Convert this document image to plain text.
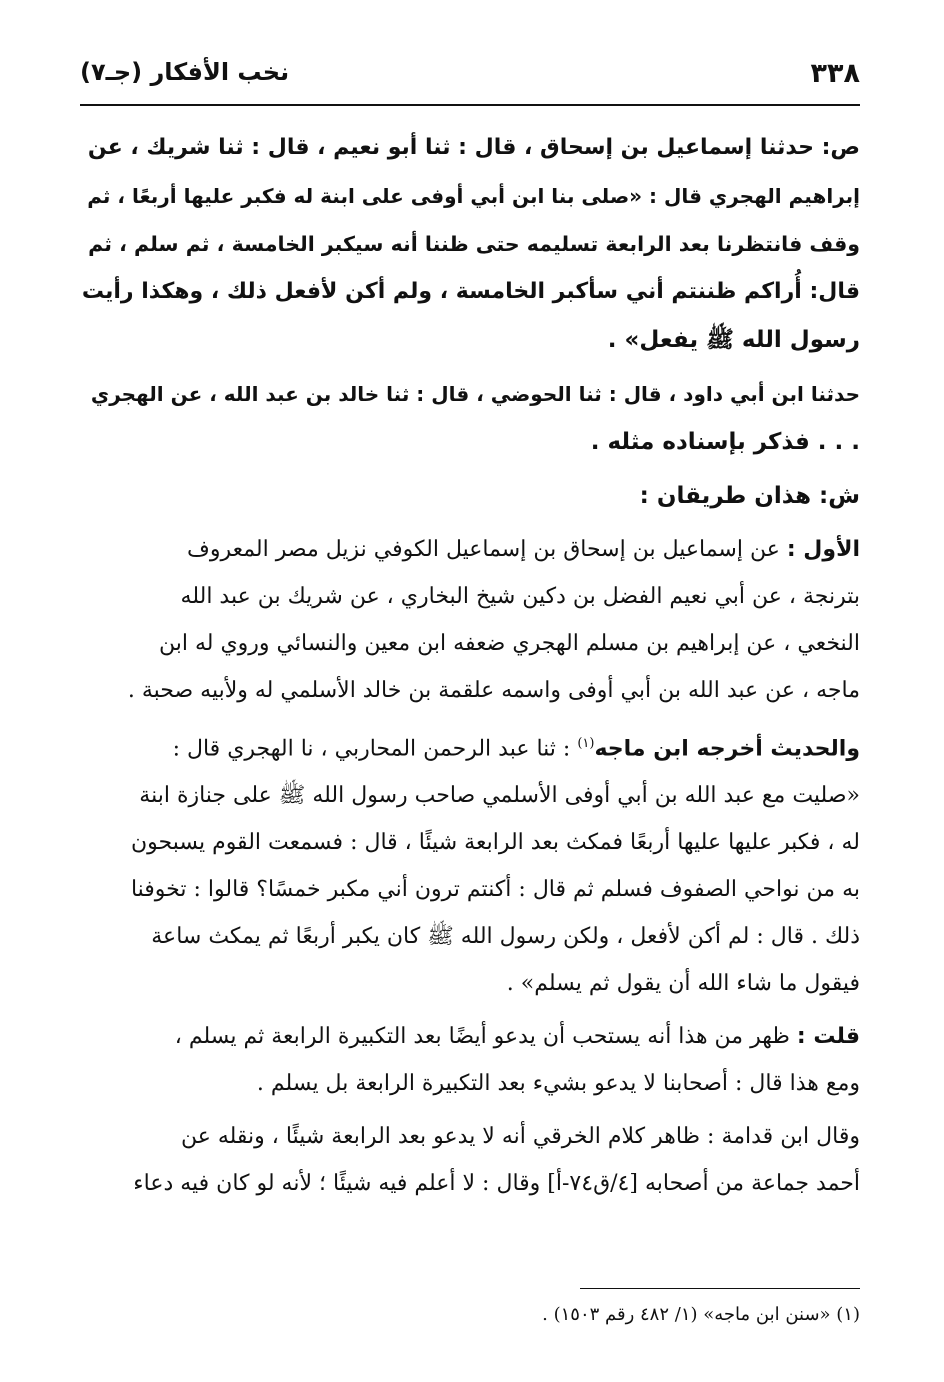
٣٣٨
نخب الأفكار (جـ٧)
ص: حدثنا إسماعيل بن إسحاق ، قال : ثنا أبو نعيم ، قال : ثنا شريك ، عن
إبراهيم الهجري قال : «صلى بنا ابن أبي أوفى على ابنة له فكبر عليها أربعًا ، ثم
وقف فانتظرنا بعد الرابعة تسليمه حتى ظننا أنه سيكبر الخامسة ، ثم سلم ، ثم
قال: أُراكم ظننتم أني سأكبر الخامسة ، ولم أكن لأفعل ذلك ، وهكذا رأيت
رسول الله ﷺ يفعل» .
حدثنا ابن أبي داود ، قال : ثنا الحوضي ، قال : ثنا خالد بن عبد الله ، عن الهجري
. . . فذكر بإسناده مثله .
ش: هذان طريقان :
الأول : عن إسماعيل بن إسحاق بن إسماعيل الكوفي نزيل مصر المعروف
بترنجة ، عن أبي نعيم الفضل بن دكين شيخ البخاري ، عن شريك بن عبد الله
النخعي ، عن إبراهيم بن مسلم الهجري ضعفه ابن معين والنسائي وروي له ابن
ماجه ، عن عبد الله بن أبي أوفى واسمه علقمة بن خالد الأسلمي له ولأبيه صحبة .
والحديث أخرجه ابن ماجه$^{(١)}$ : ثنا عبد الرحمن المحاربي ، نا الهجري قال :
«صليت مع عبد الله بن أبي أوفى الأسلمي صاحب رسول الله ﷺ على جنازة ابنة
له ، فكبر عليها عليها أربعًا فمكث بعد الرابعة شيئًا ، قال : فسمعت القوم يسبحون
به من نواحي الصفوف فسلم ثم قال : أكنتم ترون أني مكبر خمسًا؟ قالوا : تخوفنا
ذلك . قال : لم أكن لأفعل ، ولكن رسول الله ﷺ كان يكبر أربعًا ثم يمكث ساعة
فيقول ما شاء الله أن يقول ثم يسلم» .
قلت : ظهر من هذا أنه يستحب أن يدعو أيضًا بعد التكبيرة الرابعة ثم يسلم ،
ومع هذا قال : أصحابنا لا يدعو بشيء بعد التكبيرة الرابعة بل يسلم .
وقال ابن قدامة : ظاهر كلام الخرقي أنه لا يدعو بعد الرابعة شيئًا ، ونقله عن
أحمد جماعة من أصحابه [٤/ق٧٤-أ] وقال : لا أعلم فيه شيئًا ؛ لأنه لو كان فيه دعاء
(١) «سنن ابن ماجه» (١/ ٤٨٢ رقم ١٥٠٣) .
